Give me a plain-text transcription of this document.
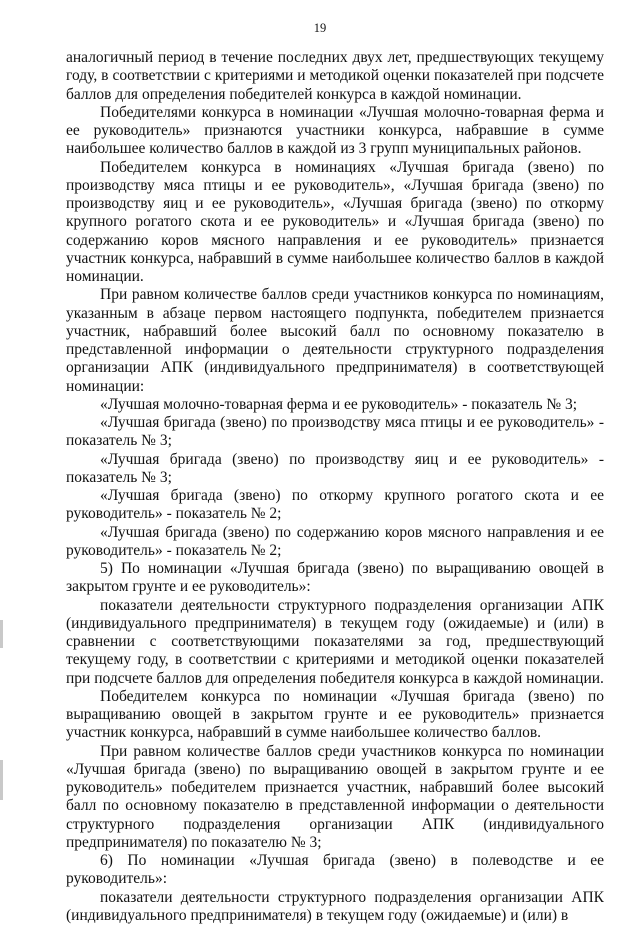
19

аналогичный период в течение последних двух лет, предшествующих текущему году, в соответствии с критериями и методикой оценки показателей при подсчете баллов для определения победителей конкурса в каждой номинации.

Победителями конкурса в номинации «Лучшая молочно-товарная ферма и ее руководитель» признаются участники конкурса, набравшие в сумме наибольшее количество баллов в каждой из 3 групп муниципальных районов.

Победителем конкурса в номинациях «Лучшая бригада (звено) по производству мяса птицы и ее руководитель», «Лучшая бригада (звено) по производству яиц и ее руководитель», «Лучшая бригада (звено) по откорму крупного рогатого скота и ее руководитель» и «Лучшая бригада (звено) по содержанию коров мясного направления и ее руководитель» признается участник конкурса, набравший в сумме наибольшее количество баллов в каждой номинации.

При равном количестве баллов среди участников конкурса по номинациям, указанным в абзаце первом настоящего подпункта, победителем признается участник, набравший более высокий балл по основному показателю в представленной информации о деятельности структурного подразделения организации АПК (индивидуального предпринимателя) в соответствующей номинации:

«Лучшая молочно-товарная ферма и ее руководитель» - показатель № 3;

«Лучшая бригада (звено) по производству мяса птицы и ее руководитель» - показатель № 3;

«Лучшая бригада (звено) по производству яиц и ее руководитель» - показатель № 3;

«Лучшая бригада (звено) по откорму крупного рогатого скота и ее руководитель» - показатель № 2;

«Лучшая бригада (звено) по содержанию коров мясного направления и ее руководитель» - показатель № 2;

5) По номинации «Лучшая бригада (звено) по выращиванию овощей в закрытом грунте и ее руководитель»:

показатели деятельности структурного подразделения организации АПК (индивидуального предпринимателя) в текущем году (ожидаемые) и (или) в сравнении с соответствующими показателями за год, предшествующий текущему году, в соответствии с критериями и методикой оценки показателей при подсчете баллов для определения победителя конкурса в каждой номинации.

Победителем конкурса по номинации «Лучшая бригада (звено) по выращиванию овощей в закрытом грунте и ее руководитель» признается участник конкурса, набравший в сумме наибольшее количество баллов.

При равном количестве баллов среди участников конкурса по номинации «Лучшая бригада (звено) по выращиванию овощей в закрытом грунте и ее руководитель» победителем признается участник, набравший более высокий балл по основному показателю в представленной информации о деятельности структурного подразделения организации АПК (индивидуального предпринимателя) по показателю № 3;

6) По номинации «Лучшая бригада (звено) в полеводстве и ее руководитель»:

показатели деятельности структурного подразделения организации АПК (индивидуального предпринимателя) в текущем году (ожидаемые) и (или) в
